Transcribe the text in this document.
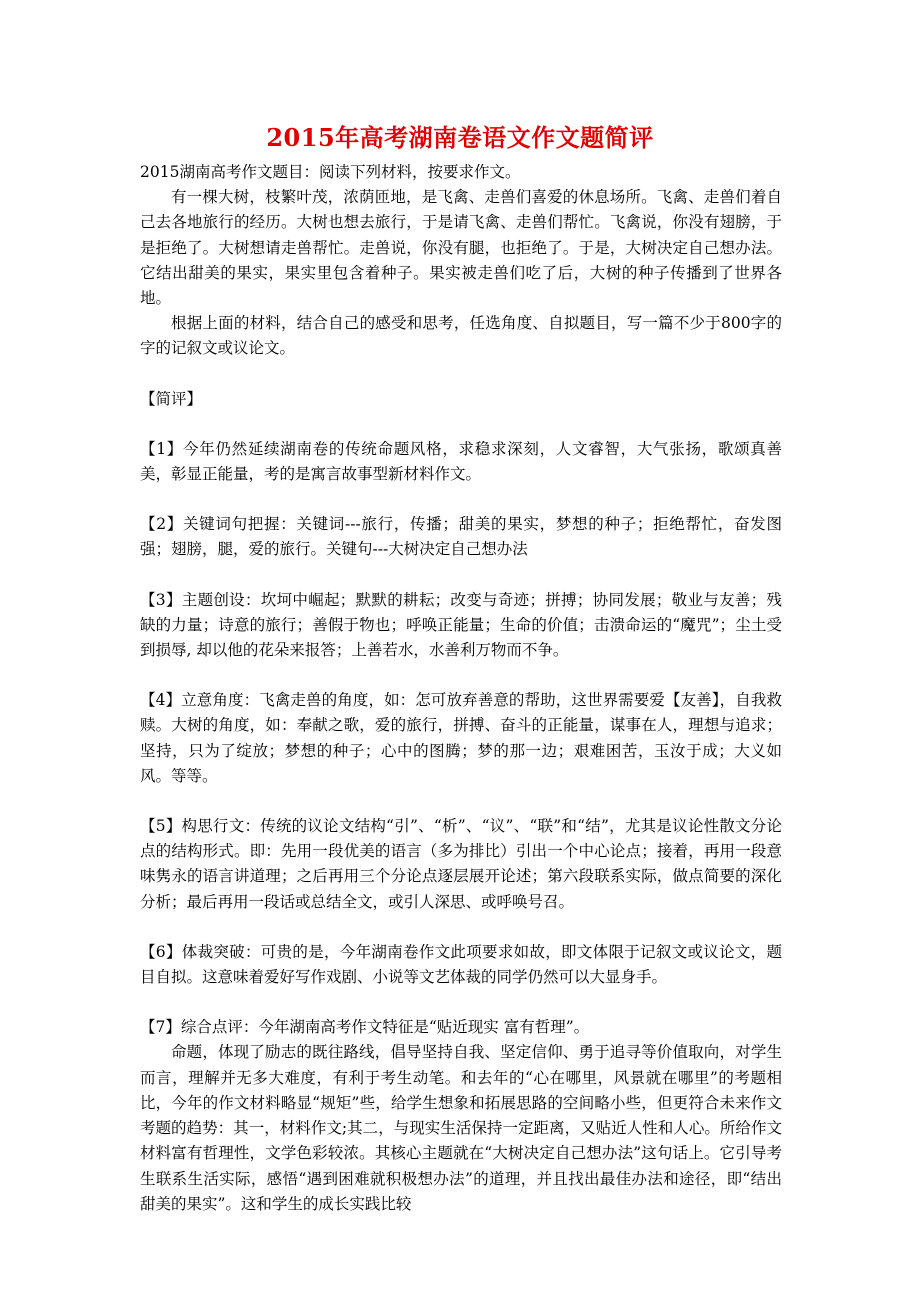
2015年高考湖南卷语文作文题简评

2015湖南高考作文题目：阅读下列材料，按要求作文。

有一棵大树，枝繁叶茂，浓荫匝地，是飞禽、走兽们喜爱的休息场所。飞禽、走兽们着自己去各地旅行的经历。大树也想去旅行，于是请飞禽、走兽们帮忙。飞禽说，你没有翅膀，于是拒绝了。大树想请走兽帮忙。走兽说，你没有腿，也拒绝了。于是，大树决定自己想办法。它结出甜美的果实，果实里包含着种子。果实被走兽们吃了后，大树的种子传播到了世界各地。

根据上面的材料，结合自己的感受和思考，任选角度、自拟题目，写一篇不少于800字的字的记叙文或议论文。

【简评】

【1】今年仍然延续湖南卷的传统命题风格，求稳求深刻，人文睿智，大气张扬，歌颂真善美，彰显正能量，考的是寓言故事型新材料作文。

【2】关键词句把握：关键词---旅行，传播；甜美的果实，梦想的种子；拒绝帮忙，奋发图强；翅膀，腿，爱的旅行。关键句---大树决定自己想办法

【3】主题创设：坎坷中崛起；默默的耕耘；改变与奇迹；拼搏；协同发展；敬业与友善；残缺的力量；诗意的旅行；善假于物也；呼唤正能量；生命的价值；击溃命运的“魔咒”；尘土受到损辱, 却以他的花朵来报答；上善若水，水善利万物而不争。

【4】立意角度：飞禽走兽的角度，如：怎可放弃善意的帮助，这世界需要爱【友善】，自我救赎。大树的角度，如：奉献之歌，爱的旅行，拼搏、奋斗的正能量，谋事在人，理想与追求；坚持，只为了绽放；梦想的种子；心中的图腾；梦的那一边；艰难困苦，玉汝于成；大义如风。等等。

【5】构思行文：传统的议论文结构“引”、“析”、“议”、“联”和“结”，尤其是议论性散文分论点的结构形式。即：先用一段优美的语言（多为排比）引出一个中心论点；接着，再用一段意味隽永的语言讲道理；之后再用三个分论点逐层展开论述；第六段联系实际，做点简要的深化分析；最后再用一段话或总结全文，或引人深思、或呼唤号召。

【6】体裁突破：可贵的是，今年湖南卷作文此项要求如故，即文体限于记叙文或议论文，题目自拟。这意味着爱好写作戏剧、小说等文艺体裁的同学仍然可以大显身手。

【7】综合点评：今年湖南高考作文特征是“贴近现实 富有哲理”。

命题，体现了励志的既往路线，倡导坚持自我、坚定信仰、勇于追寻等价值取向，对学生而言，理解并无多大难度，有利于考生动笔。和去年的“心在哪里，风景就在哪里”的考题相比，今年的作文材料略显“规矩”些，给学生想象和拓展思路的空间略小些，但更符合未来作文考题的趋势：其一，材料作文;其二，与现实生活保持一定距离，又贴近人性和人心。所给作文材料富有哲理性，文学色彩较浓。其核心主题就在“大树决定自己想办法”这句话上。它引导考生联系生活实际，感悟“遇到困难就积极想办法”的道理，并且找出最佳办法和途径，即“结出甜美的果实”。这和学生的成长实践比较
